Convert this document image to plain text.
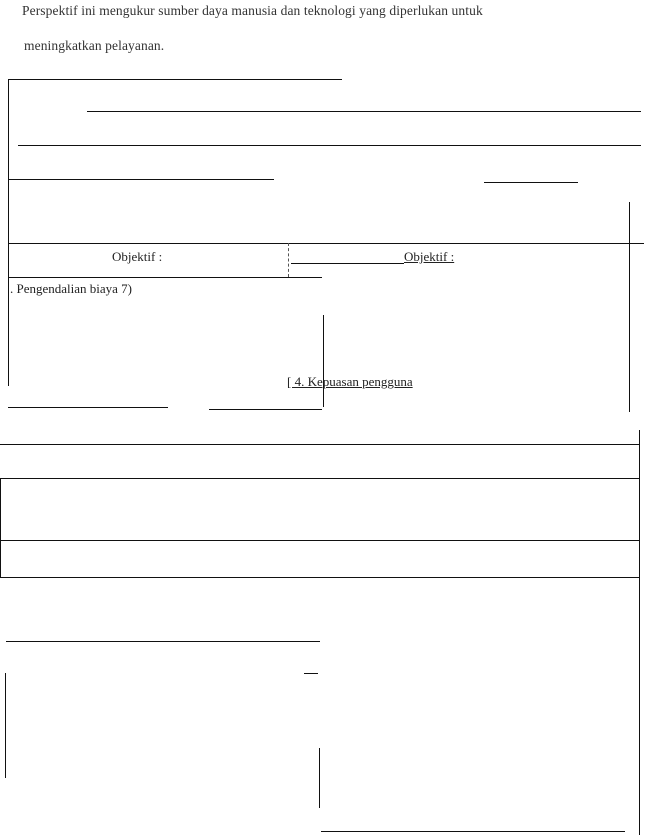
Perspektif ini mengukur sumber daya manusia dan teknologi yang diperlukan untuk
meningkatkan pelayanan.
Objektif :	Objektif :
. Pengendalian biaya 7)
[ 4. Kepuasan pengguna
